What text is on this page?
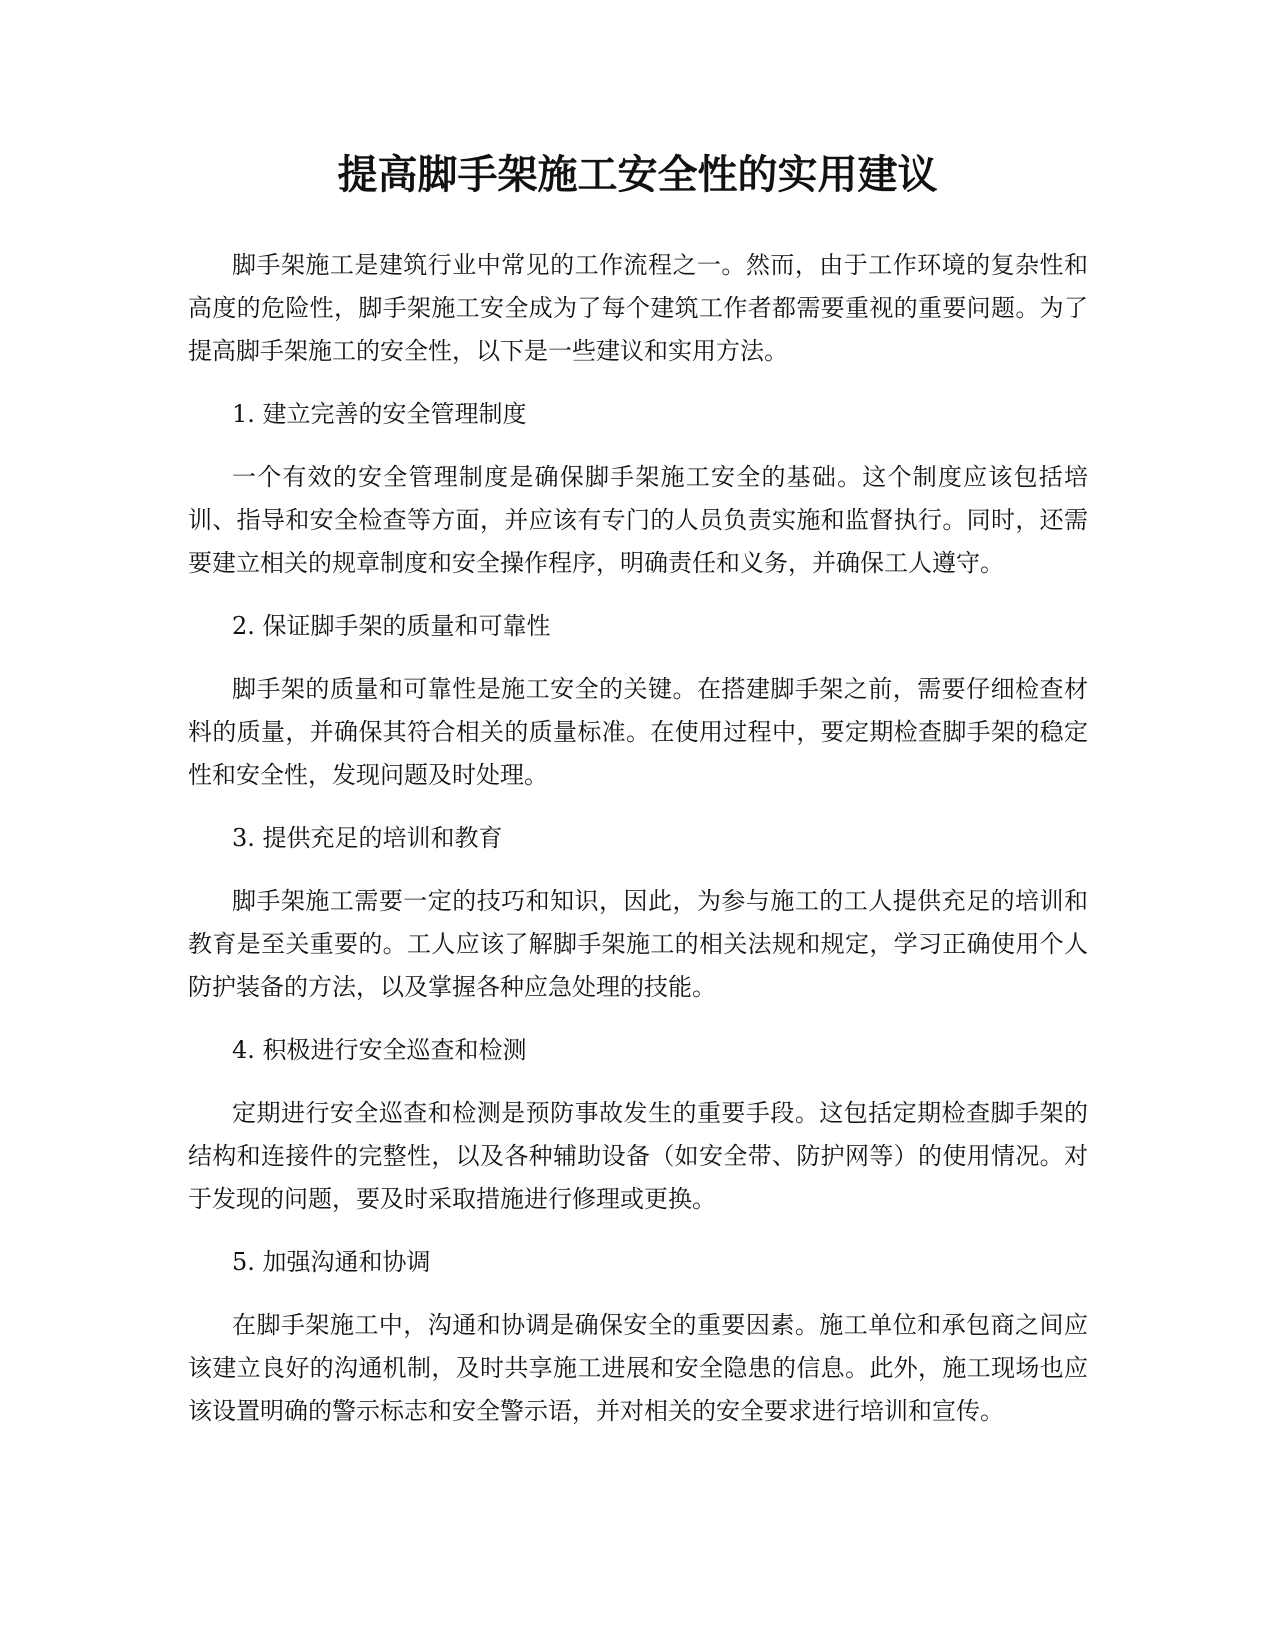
提高脚手架施工安全性的实用建议

脚手架施工是建筑行业中常见的工作流程之一。然而，由于工作环境的复杂性和高度的危险性，脚手架施工安全成为了每个建筑工作者都需要重视的重要问题。为了提高脚手架施工的安全性，以下是一些建议和实用方法。

1. 建立完善的安全管理制度

一个有效的安全管理制度是确保脚手架施工安全的基础。这个制度应该包括培训、指导和安全检查等方面，并应该有专门的人员负责实施和监督执行。同时，还需要建立相关的规章制度和安全操作程序，明确责任和义务，并确保工人遵守。

2. 保证脚手架的质量和可靠性

脚手架的质量和可靠性是施工安全的关键。在搭建脚手架之前，需要仔细检查材料的质量，并确保其符合相关的质量标准。在使用过程中，要定期检查脚手架的稳定性和安全性，发现问题及时处理。

3. 提供充足的培训和教育

脚手架施工需要一定的技巧和知识，因此，为参与施工的工人提供充足的培训和教育是至关重要的。工人应该了解脚手架施工的相关法规和规定，学习正确使用个人防护装备的方法，以及掌握各种应急处理的技能。

4. 积极进行安全巡查和检测

定期进行安全巡查和检测是预防事故发生的重要手段。这包括定期检查脚手架的结构和连接件的完整性，以及各种辅助设备（如安全带、防护网等）的使用情况。对于发现的问题，要及时采取措施进行修理或更换。

5. 加强沟通和协调

在脚手架施工中，沟通和协调是确保安全的重要因素。施工单位和承包商之间应该建立良好的沟通机制，及时共享施工进展和安全隐患的信息。此外，施工现场也应该设置明确的警示标志和安全警示语，并对相关的安全要求进行培训和宣传。
